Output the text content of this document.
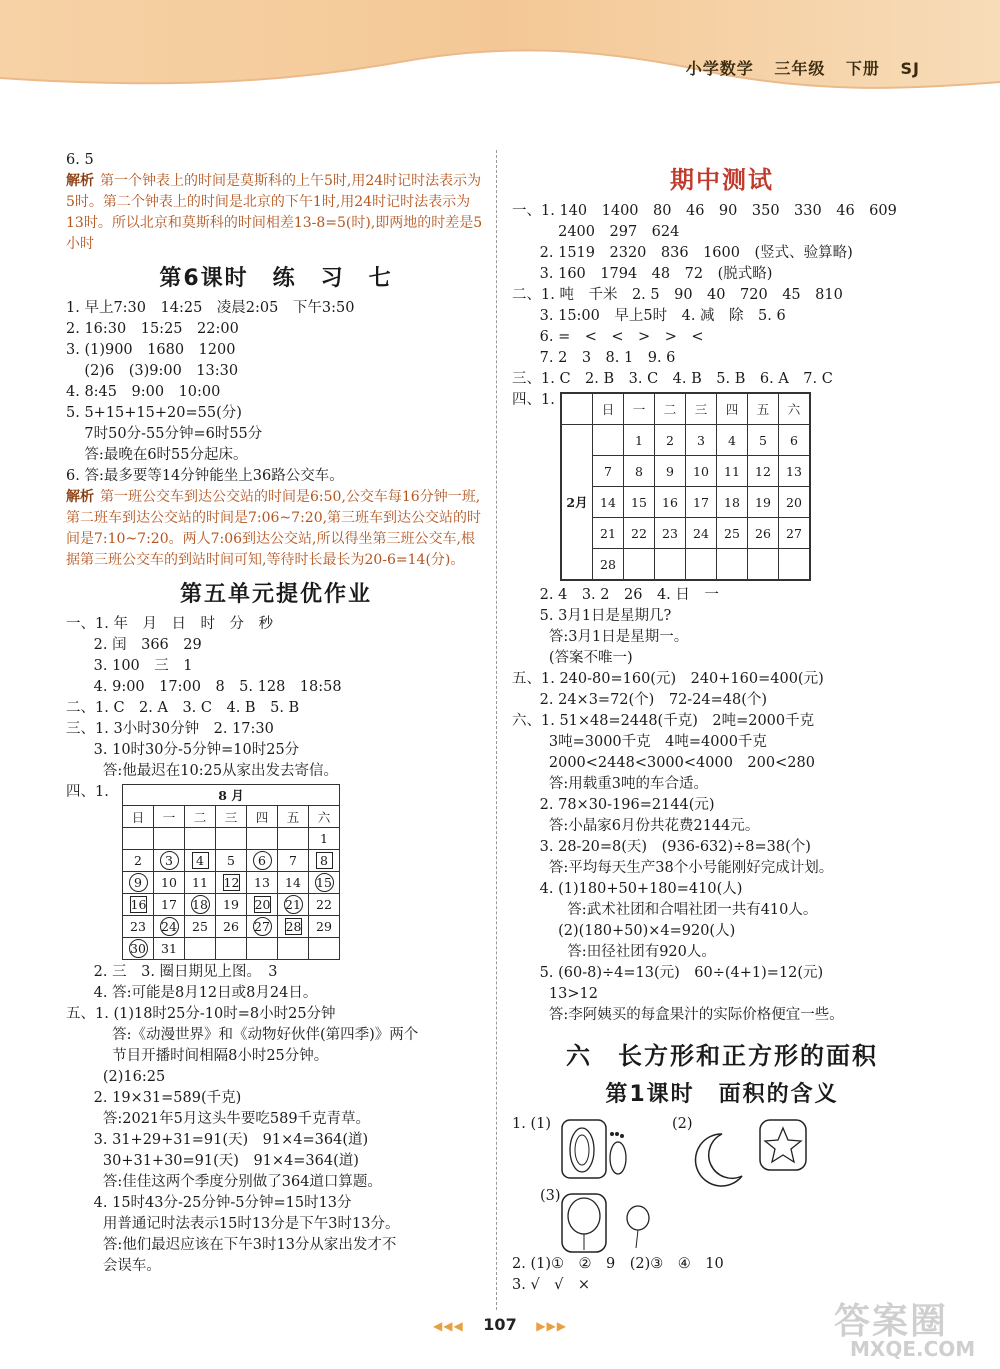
小学数学 三年级 下册 SJ

6. 5

解析 第一个钟表上的时间是莫斯科的上午5时,用24时记时法表示为5时。第二个钟表上的时间是北京的下午1时,用24时记时法表示为13时。所以北京和莫斯科的时间相差13-8=5(时),即两地的时差是5小时

第6课时　练　习　七

1. 早上7:30　14:25　凌晨2:05　下午3:50

2. 16:30　15:25　22:00

3. (1)900　1680　1200

(2)6　(3)9:00　13:30

4. 8:45　9:00　10:00

5. 5+15+15+20=55(分)

7时50分-55分钟=6时55分

答:最晚在6时55分起床。

6. 答:最多要等14分钟能坐上36路公交车。

解析 第一班公交车到达公交站的时间是6:50,公交车每16分钟一班,第二班车到达公交站的时间是7:06~7:20,第三班车到达公交站的时间是7:10~7:20。两人7:06到达公交站,所以得坐第三班公交车,根据第三班公交车的到站时间可知,等待时长最长为20-6=14(分)。

第五单元提优作业

一、1. 年　月　日　时　分　秒

2. 闰　366　29

3. 100　三　1

4. 9:00　17:00　8　5. 128　18:58

二、1. C　2. A　3. C　4. B　5. B

三、1. 3小时30分钟　2. 17:30

3. 10时30分-5分钟=10时25分

答:他最迟在10:25从家出发去寄信。

四、1.	8 月						
日	一	二	三	四	五	六
						1
2	3	4	5	6	7	8
9	10	11	12	13	14	15
16	17	18	19	20	21	22
23	24	25	26	27	28	29
30	31					

2. 三　3. 圈日期见上图。　3

4. 答:可能是8月12日或8月24日。

五、1. (1)18时25分-10时=8小时25分钟

答:《动漫世界》和《动物好伙伴(第四季)》两个

节目开播时间相隔8小时25分钟。

(2)16:25

2. 19×31=589(千克)

答:2021年5月这头牛要吃589千克青草。

3. 31+29+31=91(天)　91×4=364(道)

30+31+30=91(天)　91×4=364(道)

答:佳佳这两个季度分别做了364道口算题。

4. 15时43分-25分钟-5分钟=15时13分

用普通记时法表示15时13分是下午3时13分。

答:他们最迟应该在下午3时13分从家出发才不

会误车。

期中测试

一、1. 140　1400　80　46　90　350　330　46　609

2400　297　624

2. 1519　2320　836　1600　(竖式、验算略)

3. 160　1794　48　72　(脱式略)

二、1. 吨　千米　2. 5　90　40　720　45　810

3. 15:00　早上5时　4. 减　除　5. 6

6. =　<　<　>　>　<

7. 2　3　8. 1　9. 6

三、1. C　2. B　3. C　4. B　5. B　6. A　7. C

四、1.

	日	一	二	三	四	五	六
2月		1	2	3	4	5	6
	7	8	9	10	11	12	13
	14	15	16	17	18	19	20
	21	22	23	24	25	26	27
	28						

2. 4　3. 2　26　4. 日　一

5. 3月1日是星期几?

答:3月1日是星期一。

(答案不唯一)

五、1. 240-80=160(元)　240+160=400(元)

2. 24×3=72(个)　72-24=48(个)

六、1. 51×48=2448(千克)　2吨=2000千克

3吨=3000千克　4吨=4000千克

2000<2448<3000<4000　200<280

答:用载重3吨的车合适。

2. 78×30-196=2144(元)

答:小晶家6月份共花费2144元。

3. 28-20=8(天)　(936-632)÷8=38(个)

答:平均每天生产38个小号能刚好完成计划。

4. (1)180+50+180=410(人)

答:武术社团和合唱社团一共有410人。

(2)(180+50)×4=920(人)

答:田径社团有920人。

5. (60-8)÷4=13(元)　60÷(4+1)=12(元)

13>12

答:李阿姨买的每盒果汁的实际价格便宜一些。

六　长方形和正方形的面积
第1课时　面积的含义
1. (1)	(2)
(3)

2. (1)①　②　9　(2)③　④　10

3. √　√　×

◀◀◀ 107 ▶▶▶	答案圈
MXQE.COM
